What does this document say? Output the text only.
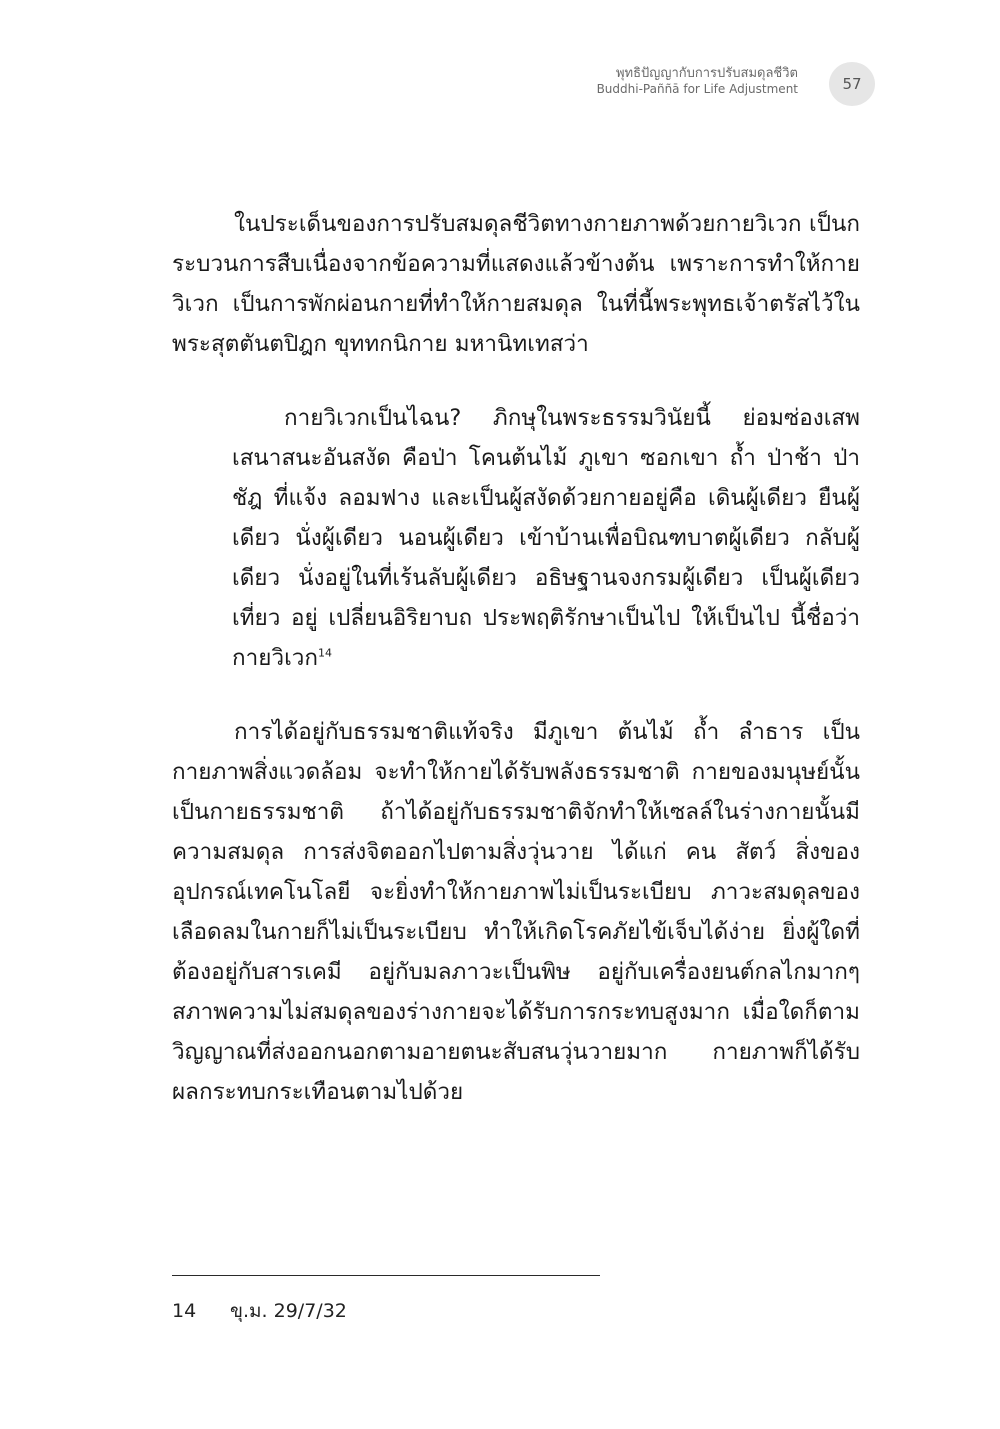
พุทธิปัญญากับการปรับสมดุลชีวิต
Buddhi-Paññā for Life Adjustment	57

ในประเด็นของการปรับสมดุลชีวิตทางกายภาพด้วยกายวิเวก เป็นกระบวนการสืบเนื่องจากข้อความที่แสดงแล้วข้างต้น เพราะการทำให้กายวิเวก เป็นการพักผ่อนกายที่ทำให้กายสมดุล ในที่นี้พระพุทธเจ้าตรัสไว้ในพระสุตตันตปิฎก ขุททกนิกาย มหานิทเทสว่า

กายวิเวกเป็นไฉน? ภิกษุในพระธรรมวินัยนี้ ย่อมซ่องเสพเสนาสนะอันสงัด คือป่า โคนต้นไม้ ภูเขา ซอกเขา ถ้ำ ป่าช้า ป่าชัฎ ที่แจ้ง ลอมฟาง และเป็นผู้สงัดด้วยกายอยู่คือ เดินผู้เดียว ยืนผู้เดียว นั่งผู้เดียว นอนผู้เดียว เข้าบ้านเพื่อบิณฑบาตผู้เดียว กลับผู้เดียว นั่งอยู่ในที่เร้นลับผู้เดียว อธิษฐานจงกรมผู้เดียว เป็นผู้เดียว เที่ยว อยู่ เปลี่ยนอิริยาบถ ประพฤติรักษาเป็นไป ให้เป็นไป นี้ชื่อว่า กายวิเวก$^{14}$

การได้อยู่กับธรรมชาติแท้จริง มีภูเขา ต้นไม้ ถ้ำ ลำธาร เป็นกายภาพสิ่งแวดล้อม จะทำให้กายได้รับพลังธรรมชาติ กายของมนุษย์นั้นเป็นกายธรรมชาติ ถ้าได้อยู่กับธรรมชาติจักทำให้เซลล์ในร่างกายนั้นมีความสมดุล การส่งจิตออกไปตามสิ่งวุ่นวาย ได้แก่ คน สัตว์ สิ่งของ อุปกรณ์เทคโนโลยี จะยิ่งทำให้กายภาพไม่เป็นระเบียบ ภาวะสมดุลของเลือดลมในกายก็ไม่เป็นระเบียบ ทำให้เกิดโรคภัยไข้เจ็บได้ง่าย ยิ่งผู้ใดที่ต้องอยู่กับสารเคมี อยู่กับมลภาวะเป็นพิษ อยู่กับเครื่องยนต์กลไกมากๆ สภาพความไม่สมดุลของร่างกายจะได้รับการกระทบสูงมาก เมื่อใดก็ตามวิญญาณที่ส่งออกนอกตามอายตนะสับสนวุ่นวายมาก กายภาพก็ได้รับผลกระทบกระเทือนตามไปด้วย

14 ขุ.ม. 29/7/32
